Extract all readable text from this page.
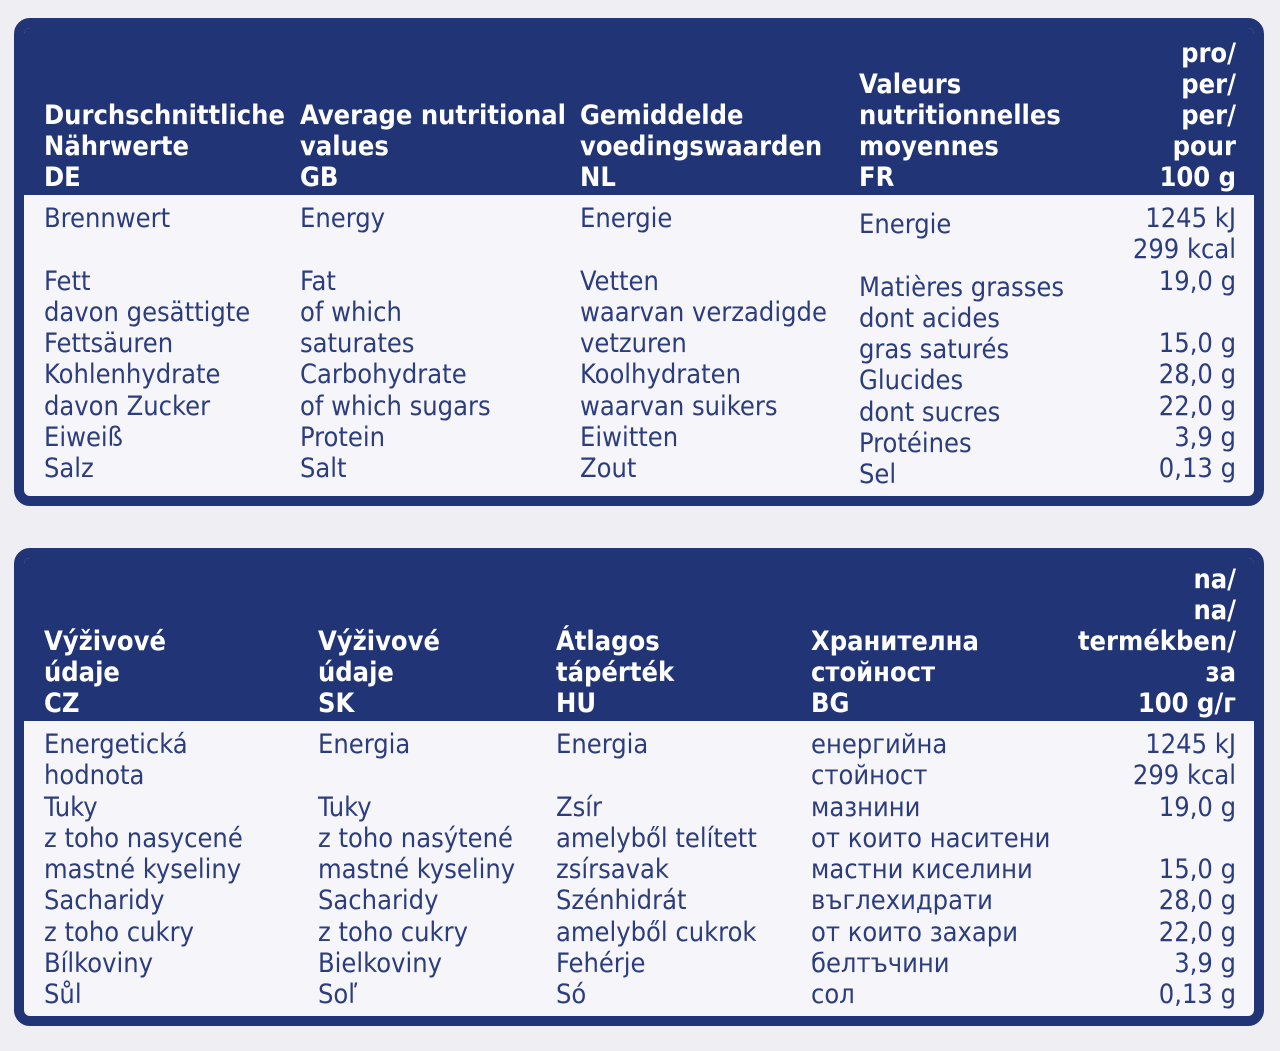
Durchschnittliche
Nährwerte
DE
Average nutritional
values
GB
Gemiddelde
voedingswaarden
NL
Valeurs
nutritionnelles
moyennes
FR
pro/
per/
per/
pour
100 g
Brennwert

Fett
davon gesättigte
Fettsäuren
Kohlenhydrate
davon Zucker
Eiweiß
Salz
Energy

Fat
of which
saturates
Carbohydrate
of which sugars
Protein
Salt
Energie

Vetten
waarvan verzadigde
vetzuren
Koolhydraten
waarvan suikers
Eiwitten
Zout
Energie

Matières grasses
dont acides
gras saturés
Glucides
dont sucres
Protéines
Sel
1245 kJ
299 kcal
19,0 g

15,0 g
28,0 g
22,0 g
3,9 g
0,13 g
Výživové
údaje
CZ
Výživové
údaje
SK
Átlagos
tápérték
HU
Хранителна
стойност
BG
na/
na/
termékben/
за
100 g/г
Energetická
hodnota
Tuky
z toho nasycené
mastné kyseliny
Sacharidy
z toho cukry
Bílkoviny
Sůl
Energia

Tuky
z toho nasýtené
mastné kyseliny
Sacharidy
z toho cukry
Bielkoviny
Soľ
Energia

Zsír
amelyből telített
zsírsavak
Szénhidrát
amelyből cukrok
Fehérje
Só
енергийна
стойност
мазнини
от които наситени
мастни киселини
въглехидрати
от които захари
белтъчини
сол
1245 kJ
299 kcal
19,0 g

15,0 g
28,0 g
22,0 g
3,9 g
0,13 g
